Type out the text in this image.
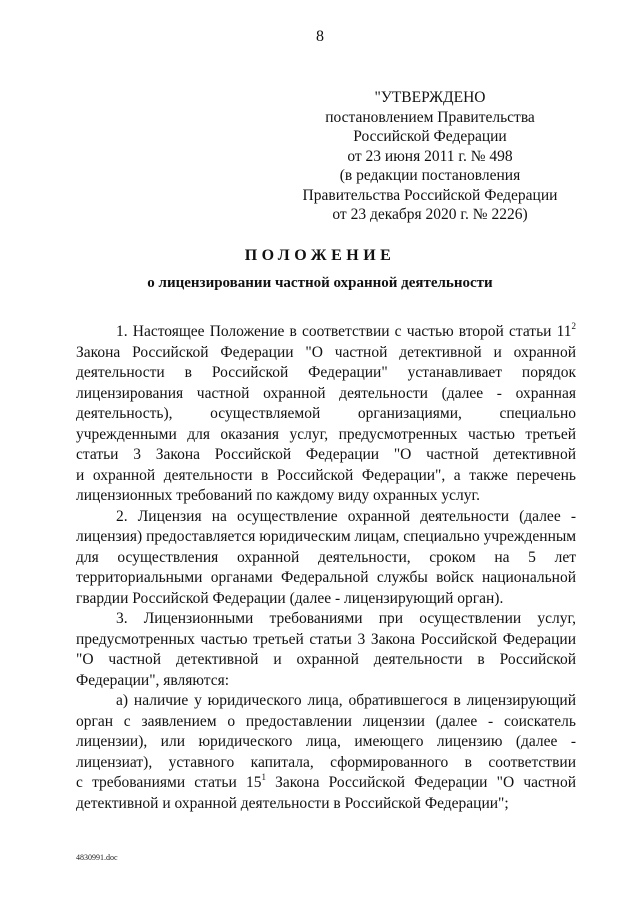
8
"УТВЕРЖДЕНО
постановлением Правительства
Российской Федерации
от 23 июня 2011 г. № 498
(в редакции постановления
Правительства Российской Федерации
от 23 декабря 2020 г. № 2226)
ПОЛОЖЕНИЕ
о лицензировании частной охранной деятельности
1. Настоящее Положение в соответствии с частью второй статьи $11^2$
Закона Российской Федерации "О частной детективной и охранной
деятельности в Российской Федерации" устанавливает порядок
лицензирования частной охранной деятельности (далее - охранная
деятельность), осуществляемой организациями, специально
учрежденными для оказания услуг, предусмотренных частью третьей
статьи 3 Закона Российской Федерации "О частной детективной
и охранной деятельности в Российской Федерации", а также перечень
лицензионных требований по каждому виду охранных услуг.
2. Лицензия на осуществление охранной деятельности (далее -
лицензия) предоставляется юридическим лицам, специально учрежденным
для осуществления охранной деятельности, сроком на 5 лет
территориальными органами Федеральной службы войск национальной
гвардии Российской Федерации (далее - лицензирующий орган).
3. Лицензионными требованиями при осуществлении услуг,
предусмотренных частью третьей статьи 3 Закона Российской Федерации
"О частной детективной и охранной деятельности в Российской
Федерации", являются:
а) наличие у юридического лица, обратившегося в лицензирующий
орган с заявлением о предоставлении лицензии (далее - соискатель
лицензии), или юридического лица, имеющего лицензию (далее -
лицензиат), уставного капитала, сформированного в соответствии
с требованиями статьи $15^1$ Закона Российской Федерации "О частной
детективной и охранной деятельности в Российской Федерации";
4830991.doc
